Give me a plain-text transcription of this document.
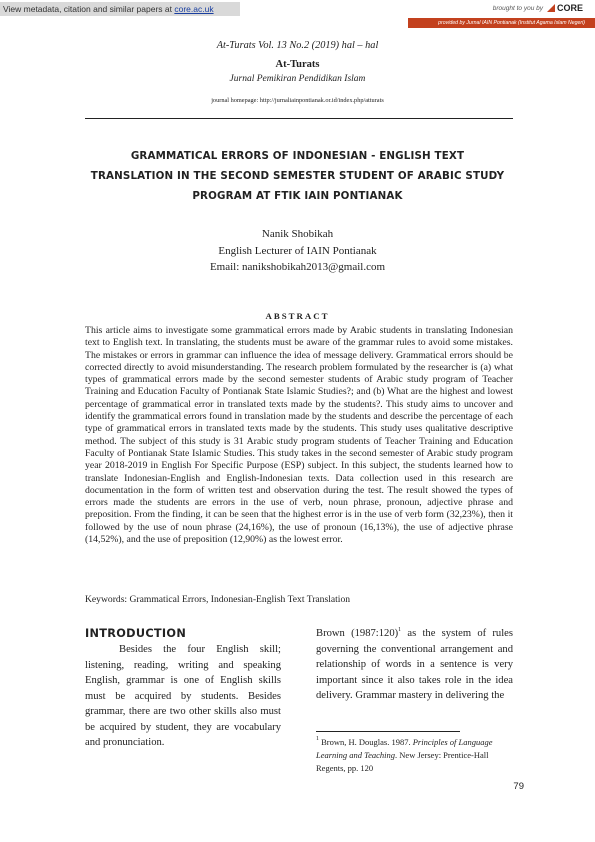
View metadata, citation and similar papers at core.ac.uk	brought to you by CORE
provided by Jurnal IAIN Pontianak (Institut Agama Islam Negeri)
At-Turats Vol. 13 No.2 (2019) hal – hal
At-Turats
Jurnal Pemikiran Pendidikan Islam
journal homepage: http://jurnaliainpontianak.or.id/index.php/atturats
GRAMMATICAL ERRORS OF INDONESIAN - ENGLISH TEXT
TRANSLATION IN THE SECOND SEMESTER STUDENT OF ARABIC STUDY
PROGRAM AT FTIK IAIN PONTIANAK
Nanik Shobikah
English Lecturer of IAIN Pontianak
Email: nanikshobikah2013@gmail.com
ABSTRACT
This article aims to investigate some grammatical errors made by Arabic students in translating Indonesian text to English text. In translating, the students must be aware of the grammar rules to avoid some mistakes. The mistakes or errors in grammar can influence the idea of message delivery. Grammatical errors should be corrected directly to avoid misunderstanding. The research problem formulated by the researcher is (a) what types of grammatical errors made by the second semester students of Arabic study program of Teacher Training and Education Faculty of Pontianak State Islamic Studies?; and (b) What are the highest and lowest percentage of grammatical error in translated texts made by the students?. This study aims to uncover and identify the grammatical errors found in translation made by the students and describe the percentage of each type of grammatical errors in translated texts made by the students. This study uses qualitative descriptive method. The subject of this study is 31 Arabic study program students of Teacher Training and Education Faculty of Pontianak State Islamic Studies. This study takes in the second semester of Arabic study program year 2018-2019 in English For Specific Purpose (ESP) subject. In this subject, the students learned how to translate Indonesian-English and English-Indonesian texts. Data collection used in this research are documentation in the form of written test and observation during the test. The result showed the types of errors made the students are errors in the use of verb, noun phrase, pronoun, adjective phrase and preposition. From the finding, it can be seen that the highest error is in the use of verb form (32,23%), then it followed by the use of noun phrase (24,16%), the use of pronoun (16,13%), the use of adjective phrase (14,52%), and the use of preposition (12,90%) as the lowest error.
Keywords: Grammatical Errors, Indonesian-English Text Translation
INTRODUCTION
Besides the four English skill; listening, reading, writing and speaking English, grammar is one of English skills must be acquired by students. Besides grammar, there are two other skills also must be acquired by student, they are vocabulary and pronunciation.
Brown (1987:120)$^1$ as the system of rules governing the conventional arrangement and relationship of words in a sentence is very important since it also takes role in the idea delivery. Grammar mastery in delivering the
$^1$ Brown, H. Douglas. 1987. Principles of Language Learning and Teaching. New Jersey: Prentice-Hall Regents, pp. 120
79
